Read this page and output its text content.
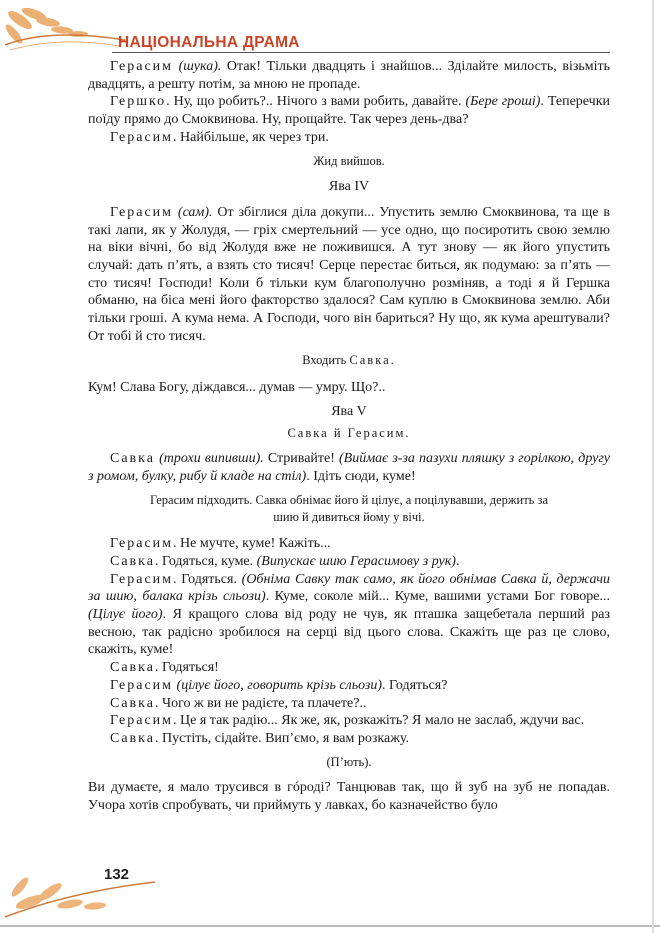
НАЦІОНАЛЬНА ДРАМА

Герасим (шука). Отак! Тільки двадцять і знайшов... Зділайте милость, візьміть двадцять, а решту потім, за мною не пропаде.

Гершко. Ну, що робить?.. Нічого з вами робить, давайте. (Бере гроші). Теперечки поїду прямо до Смоквинова. Ну, прощайте. Так через день-два?

Герасим. Найбільше, як через три.

Жид вийшов.

Ява IV

Герасим (сам). От збіглися діла докупи... Упустить землю Смоквинова, та ще в такі лапи, як у Жолудя, — гріх смертельний — усе одно, що посиротить свою землю на віки вічні, бо від Жолудя вже не поживишся. А тут знову — як його упустить случай: дать п’ять, а взять сто тисяч! Серце перестає биться, як подумаю: за п’ять — сто тисяч! Господи! Коли б тільки кум благополучно розміняв, а тоді я й Гершка обманю, на біса мені його факторство здалося? Сам куплю в Смоквинова землю. Аби тільки гроші. А кума нема. А Господи, чого він бариться? Ну що, як кума арештували? От тобі й сто тисяч.

Входить Савка.

Кум! Слава Богу, діждався... думав — умру. Що?..

Ява V

Савка й Герасим.

Савка (трохи випивши). Стривайте! (Виймає з-за пазухи пляшку з горілкою, другу з ромом, булку, рибу й кладе на стіл). Ідіть сюди, куме!

Герасим підходить. Савка обнімає його й цілує, а поцілувавши, держить за шию й дивиться йому у вічі.

Герасим. Не мучте, куме! Кажіть...

Савка. Годяться, куме. (Випускає шию Герасимову з рук).

Герасим. Годяться. (Обніма Савку так само, як його обнімав Савка й, держачи за шию, балака крізь сльози). Куме, соколе мій... Куме, вашими устами Бог говоре... (Цілує його). Я кращого слова від роду не чув, як пташка защебетала перший раз весною, так радісно зробилося на серці від цього слова. Скажіть ще раз це слово, скажіть, куме!

Савка. Годяться!

Герасим (цілує його, говорить крізь сльози). Годяться?

Савка. Чого ж ви не радієте, та плачете?..

Герасим. Це я так радію... Як же, як, розкажіть? Я мало не заслаб, ждучи вас.

Савка. Пустіть, сідайте. Вип’ємо, я вам розкажу.

(П’ють).

Ви думаєте, я мало трусився в гóроді? Танцював так, що й зуб на зуб не попадав. Учора хотів спробувать, чи приймуть у лавках, бо казначейство було

132
